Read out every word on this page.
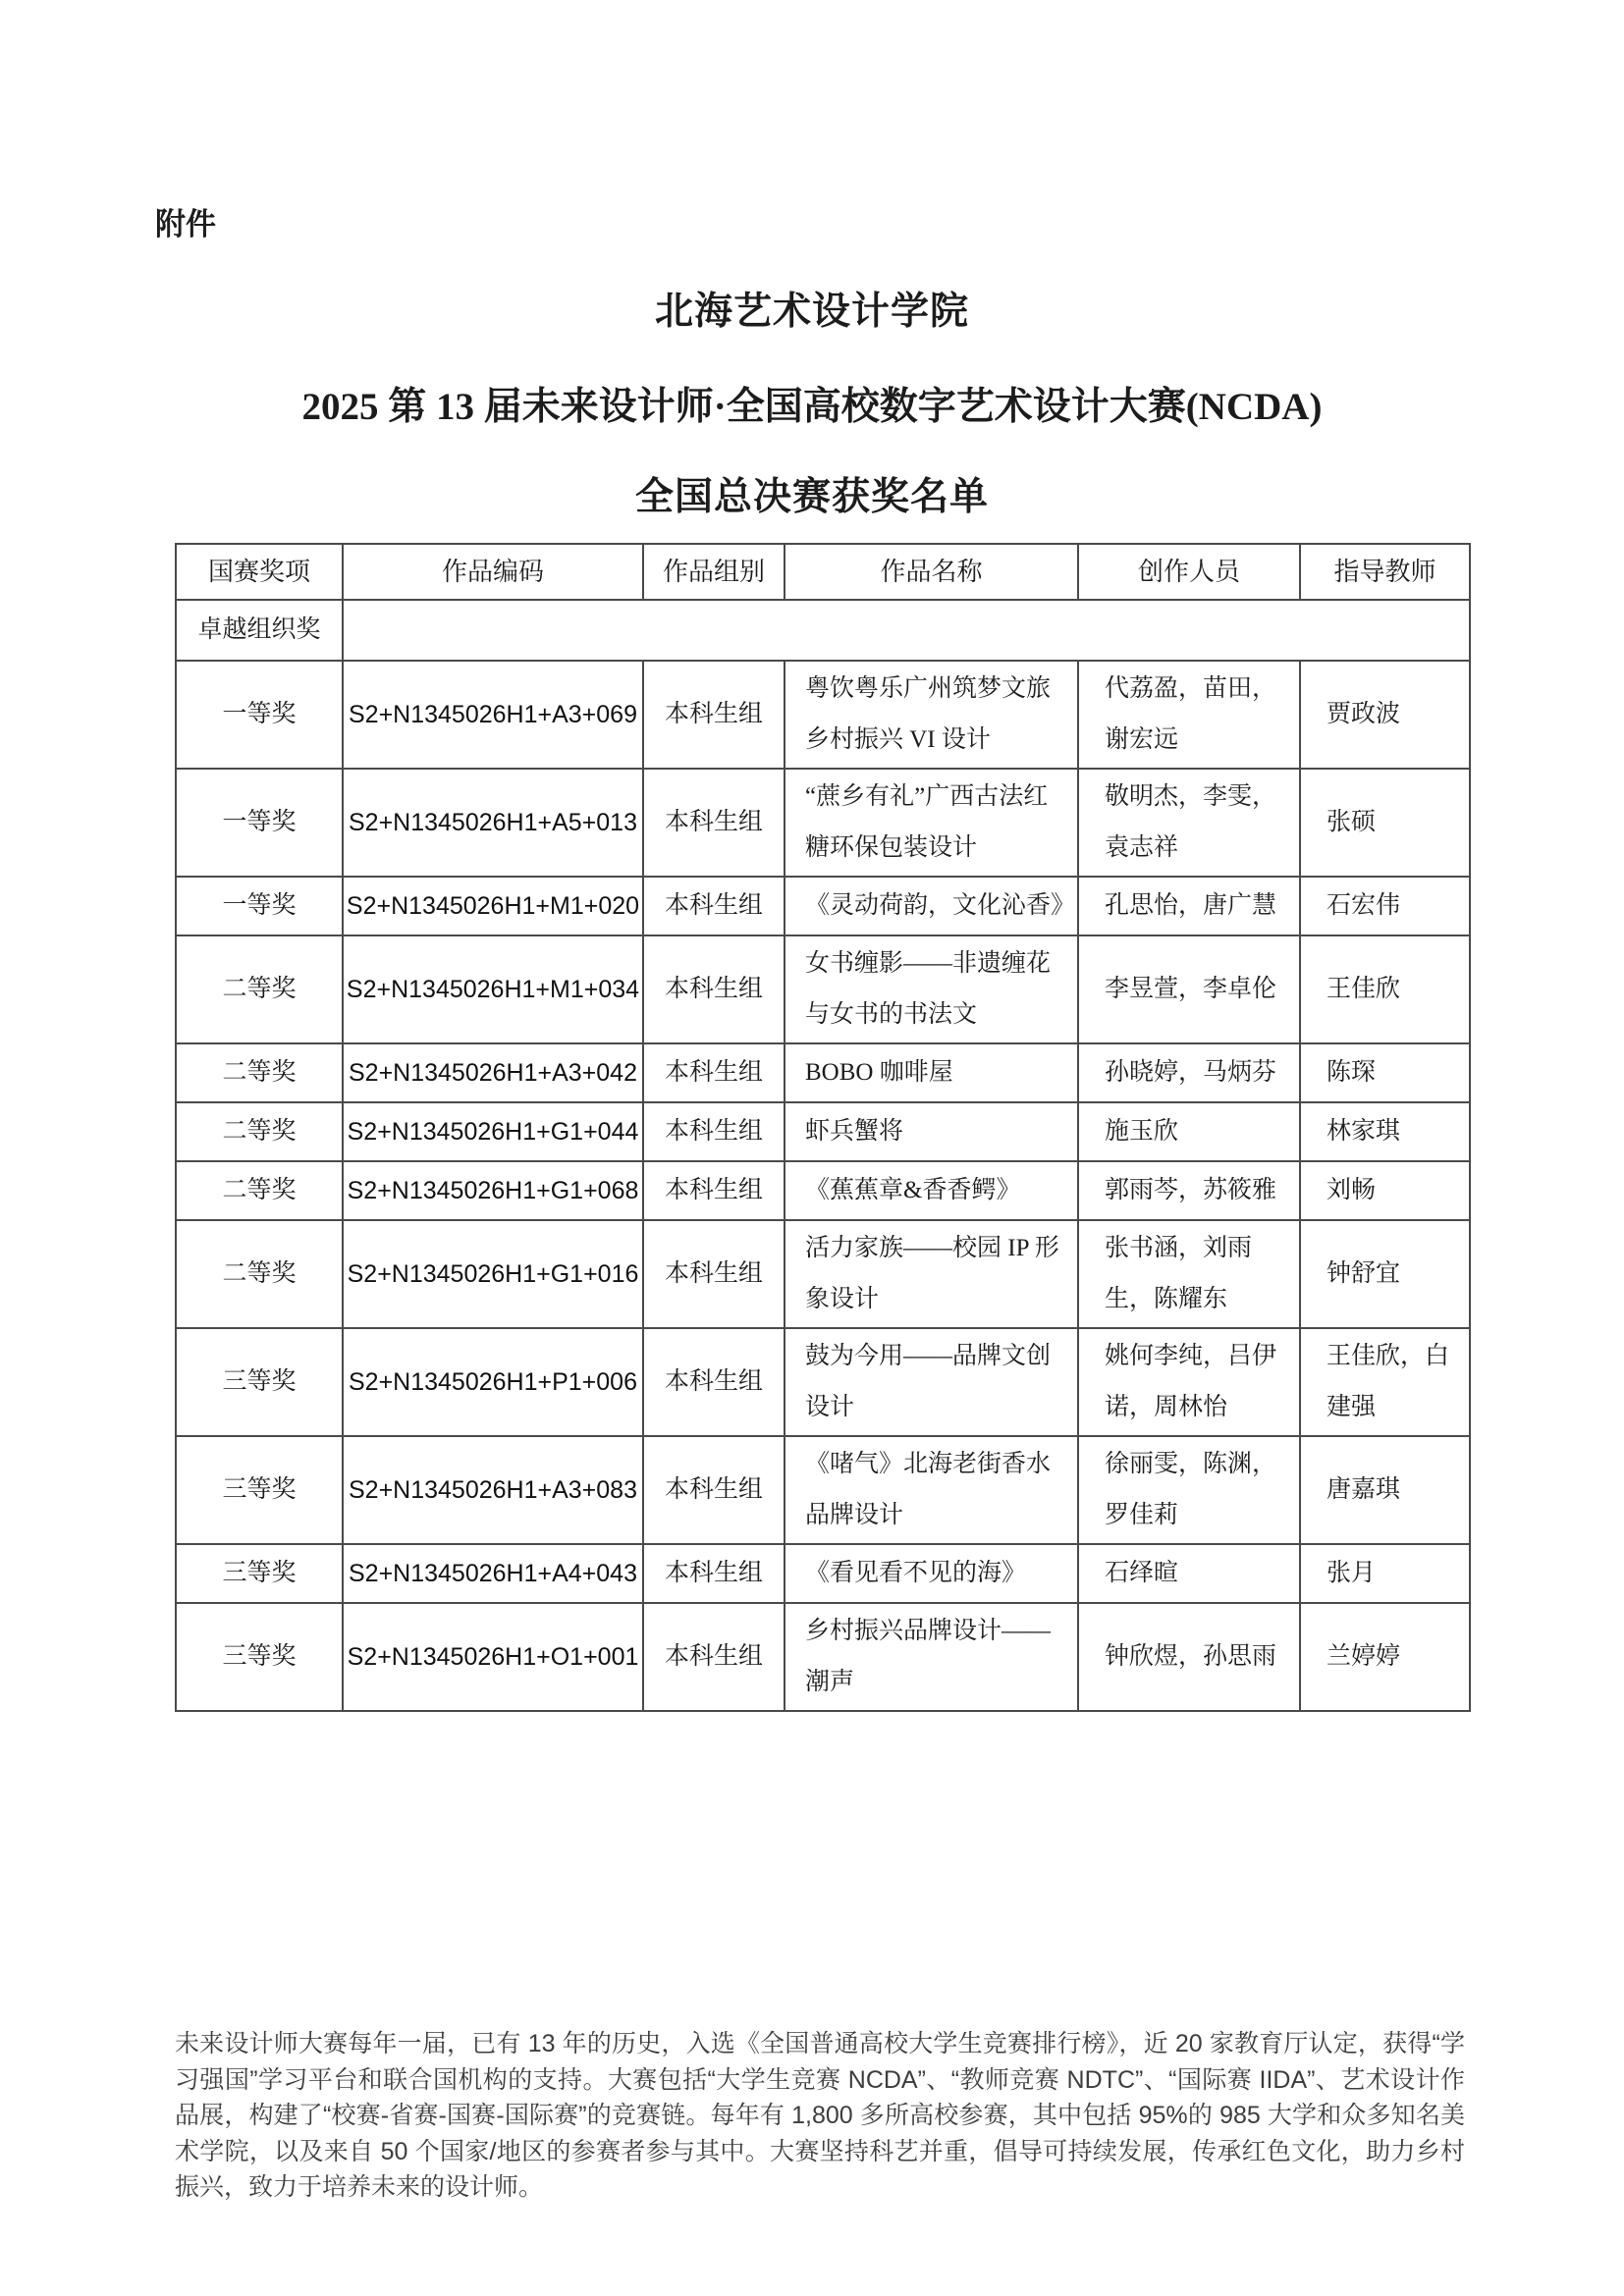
附件
北海艺术设计学院
2025 第 13 届未来设计师·全国高校数字艺术设计大赛(NCDA)
全国总决赛获奖名单
国赛奖项	作品编码	作品组别	作品名称	创作人员	指导教师
卓越组织奖					
一等奖	S2+N1345026H1+A3+069	本科生组	粤饮粤乐广州筑梦文旅乡村振兴 VI 设计	代荔盈，苗田，谢宏远	贾政波
一等奖	S2+N1345026H1+A5+013	本科生组	“蔗乡有礼”广西古法红糖环保包装设计	敬明杰，李雯，袁志祥	张硕
一等奖	S2+N1345026H1+M1+020	本科生组	《灵动荷韵，文化沁香》	孔思怡，唐广慧	石宏伟
二等奖	S2+N1345026H1+M1+034	本科生组	女书缠影——非遗缠花与女书的书法文	李昱萱，李卓伦	王佳欣
二等奖	S2+N1345026H1+A3+042	本科生组	BOBO 咖啡屋	孙晓婷，马炳芬	陈琛
二等奖	S2+N1345026H1+G1+044	本科生组	虾兵蟹将	施玉欣	林家琪
二等奖	S2+N1345026H1+G1+068	本科生组	《蕉蕉章&香香鳄》	郭雨芩，苏筱雅	刘畅
二等奖	S2+N1345026H1+G1+016	本科生组	活力家族——校园 IP 形象设计	张书涵，刘雨生，陈耀东	钟舒宜
三等奖	S2+N1345026H1+P1+006	本科生组	鼓为今用——品牌文创设计	姚何李纯，吕伊诺，周林怡	王佳欣，白建强
三等奖	S2+N1345026H1+A3+083	本科生组	《啫气》北海老街香水品牌设计	徐丽雯，陈渊，罗佳莉	唐嘉琪
三等奖	S2+N1345026H1+A4+043	本科生组	《看见看不见的海》	石绎暄	张月
三等奖	S2+N1345026H1+O1+001	本科生组	乡村振兴品牌设计——潮声	钟欣煜，孙思雨	兰婷婷
未来设计师大赛每年一届，已有 13 年的历史，入选《全国普通高校大学生竞赛排行榜》，近 20 家教育厅认定，获得“学习强国”学习平台和联合国机构的支持。大赛包括“大学生竞赛 NCDA”、“教师竞赛 NDTC”、“国际赛 IIDA”、艺术设计作品展，构建了“校赛-省赛-国赛-国际赛”的竞赛链。每年有 1,800 多所高校参赛，其中包括 95%的 985 大学和众多知名美术学院，以及来自 50 个国家/地区的参赛者参与其中。大赛坚持科艺并重，倡导可持续发展，传承红色文化，助力乡村振兴，致力于培养未来的设计师。
